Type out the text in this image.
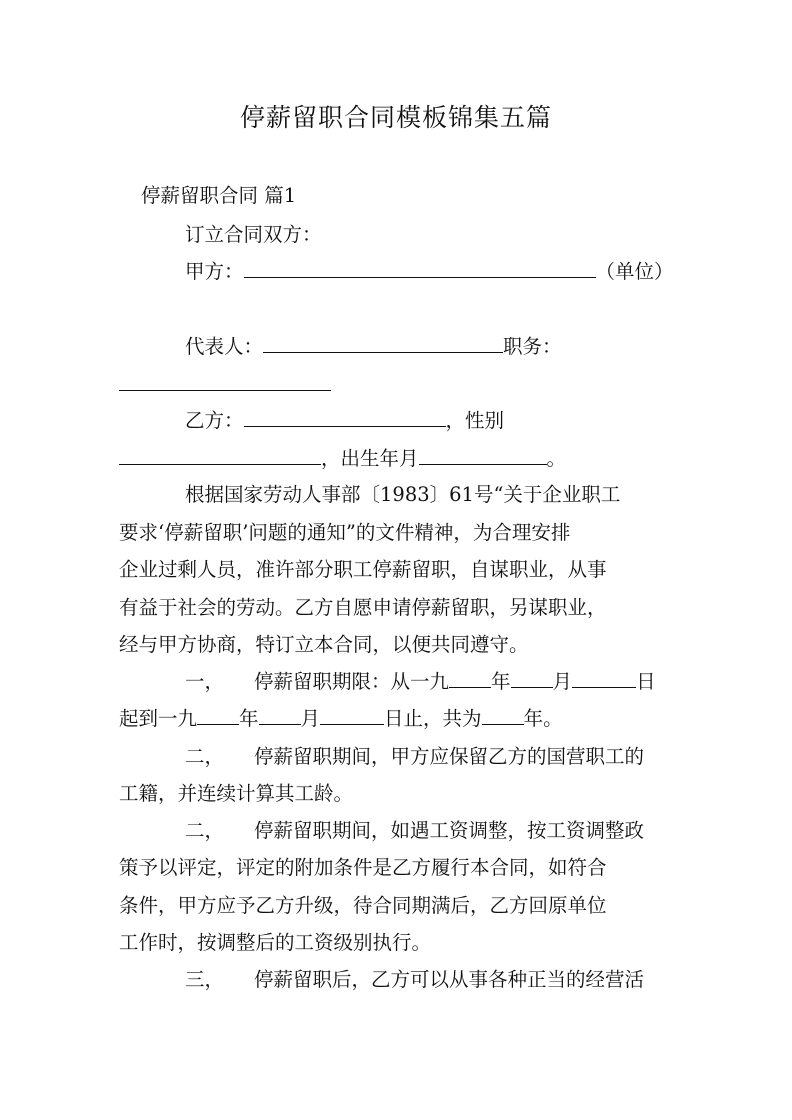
停薪留职合同模板锦集五篇
停薪留职合同 篇1
订立合同双方：
甲方：	（单位）
代表人：	职务：
乙方：	，性别
，出生年月	。
根据国家劳动人事部〔1983〕61号“关于企业职工
要求‘停薪留职’问题的通知”的文件精神，为合理安排
企业过剩人员，准许部分职工停薪留职，自谋职业，从事
有益于社会的劳动。乙方自愿申请停薪留职，另谋职业，
经与甲方协商，特订立本合同，以便共同遵守。
一， 停薪留职期限：从一九 年 月	日
起到一九 年 月	日止，共为 年。
二， 停薪留职期间，甲方应保留乙方的国营职工的
工籍，并连续计算其工龄。
二， 停薪留职期间，如遇工资调整，按工资调整政
策予以评定，评定的附加条件是乙方履行本合同，如符合
条件，甲方应予乙方升级，待合同期满后，乙方回原单位
工作时，按调整后的工资级别执行。
三， 停薪留职后，乙方可以从事各种正当的经营活
